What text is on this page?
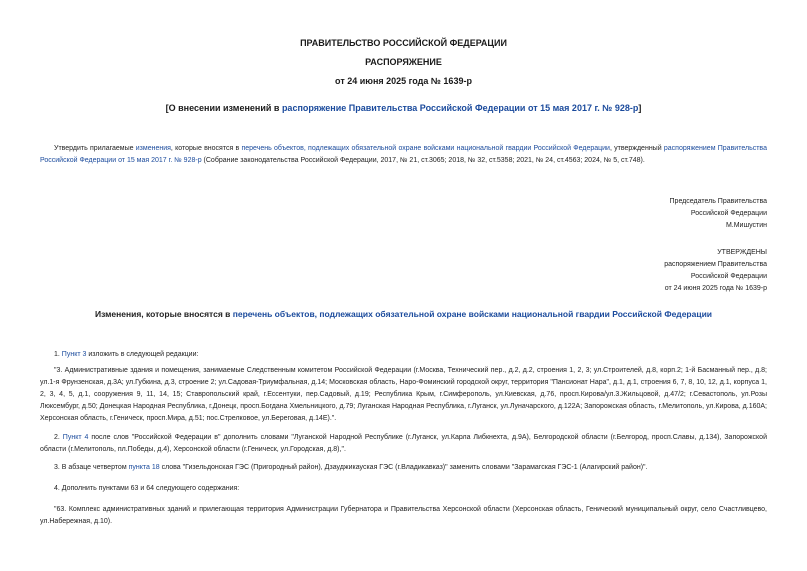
ПРАВИТЕЛЬСТВО РОССИЙСКОЙ ФЕДЕРАЦИИ
РАСПОРЯЖЕНИЕ
от 24 июня 2025 года № 1639-р
[О внесении изменений в распоряжение Правительства Российской Федерации от 15 мая 2017 г. № 928-р]
Утвердить прилагаемые изменения, которые вносятся в перечень объектов, подлежащих обязательной охране войсками национальной гвардии Российской Федерации, утвержденный распоряжением Правительства Российской Федерации от 15 мая 2017 г. № 928-р (Собрание законодательства Российской Федерации, 2017, № 21, ст.3065; 2018, № 32, ст.5358; 2021, № 24, ст.4563; 2024, № 5, ст.748).
Председатель Правительства
Российской Федерации
М.Мишустин
УТВЕРЖДЕНЫ
распоряжением Правительства
Российской Федерации
от 24 июня 2025 года № 1639-р
Изменения, которые вносятся в перечень объектов, подлежащих обязательной охране войсками национальной гвардии Российской Федерации
1. Пункт 3 изложить в следующей редакции:
"3. Административные здания и помещения, занимаемые Следственным комитетом Российской Федерации (г.Москва, Технический пер., д.2, д.2, строения 1, 2, 3; ул.Строителей, д.8, корп.2; 1-й Басманный пер., д.8; ул.1-я Фрунзенская, д.3А; ул.Губкина, д.3, строение 2; ул.Садовая-Триумфальная, д.14; Московская область, Наро-Фоминский городской округ, территория "Пансионат Нара", д.1, д.1, строения 6, 7, 8, 10, 12, д.1, корпуса 1, 2, 3, 4, 5, д.1, сооружения 9, 11, 14, 15; Ставропольский край, г.Ессентуки, пер.Садовый, д.19; Республика Крым, г.Симферополь, ул.Киевская, д.76, просп.Кирова/ул.3.Жильцовой, д.47/2; г.Севастополь, ул.Розы Люксембург, д.50; Донецкая Народная Республика, г.Донецк, просп.Богдана Хмельницкого, д.79; Луганская Народная Республика, г.Луганск, ул.Луначарского, д.122А; Запорожская область, г.Мелитополь, ул.Кирова, д.160А; Херсонская область, г.Геническ, просп.Мира, д.51; пос.Стрелковое, ул.Береговая, д.14Е).".
2. Пункт 4 после слов "Российской Федерации в" дополнить словами "Луганской Народной Республике (г.Луганск, ул.Карла Либкнехта, д.9А), Белгородской области (г.Белгород, просп.Славы, д.134), Запорожской области (г.Мелитополь, пл.Победы, д.4), Херсонской области (г.Геническ, ул.Городская, д.8),".
3. В абзаце четвертом пункта 18 слова "Гизельдонская ГЭС (Пригородный район), Дзауджикауская ГЭС (г.Владикавказ)" заменить словами "Зарамагская ГЭС-1 (Алагирский район)".
4. Дополнить пунктами 63 и 64 следующего содержания:
"63. Комплекс административных зданий и прилегающая территория Администрации Губернатора и Правительства Херсонской области (Херсонская область, Генический муниципальный округ, село Счастливцево, ул.Набережная, д.10).
